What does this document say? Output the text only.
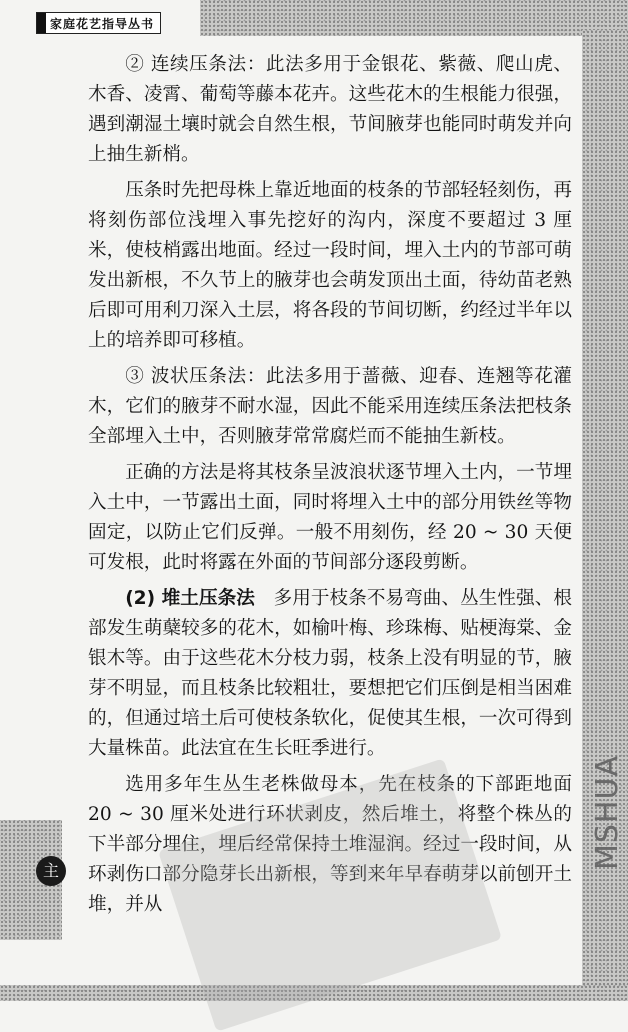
家庭花艺指导丛书

② 连续压条法：此法多用于金银花、紫薇、爬山虎、木香、凌霄、葡萄等藤本花卉。这些花木的生根能力很强，遇到潮湿土壤时就会自然生根，节间腋芽也能同时萌发并向上抽生新梢。

压条时先把母株上靠近地面的枝条的节部轻轻刻伤，再将刻伤部位浅埋入事先挖好的沟内，深度不要超过 3 厘米，使枝梢露出地面。经过一段时间，埋入土内的节部可萌发出新根，不久节上的腋芽也会萌发顶出土面，待幼苗老熟后即可用利刀深入土层，将各段的节间切断，约经过半年以上的培养即可移植。

③ 波状压条法：此法多用于蔷薇、迎春、连翘等花灌木，它们的腋芽不耐水湿，因此不能采用连续压条法把枝条全部埋入土中，否则腋芽常常腐烂而不能抽生新枝。

正确的方法是将其枝条呈波浪状逐节埋入土内，一节埋入土中，一节露出土面，同时将埋入土中的部分用铁丝等物固定，以防止它们反弹。一般不用刻伤，经 20 ~ 30 天便可发根，此时将露在外面的节间部分逐段剪断。

(2) 堆土压条法　多用于枝条不易弯曲、丛生性强、根部发生萌蘖较多的花木，如榆叶梅、珍珠梅、贴梗海棠、金银木等。由于这些花木分枝力弱，枝条上没有明显的节，腋芽不明显，而且枝条比较粗壮，要想把它们压倒是相当困难的，但通过培土后可使枝条软化，促使其生根，一次可得到大量株苗。此法宜在生长旺季进行。

选用多年生丛生老株做母本，先在枝条的下部距地面 20 ~ 30 厘米处进行环状剥皮，然后堆土，将整个株丛的下半部分埋住，埋后经常保持土堆湿润。经过一段时间，从环剥伤口部分隐芽长出新根，等到来年早春萌芽以前刨开土堆，并从

主
MSHUA
